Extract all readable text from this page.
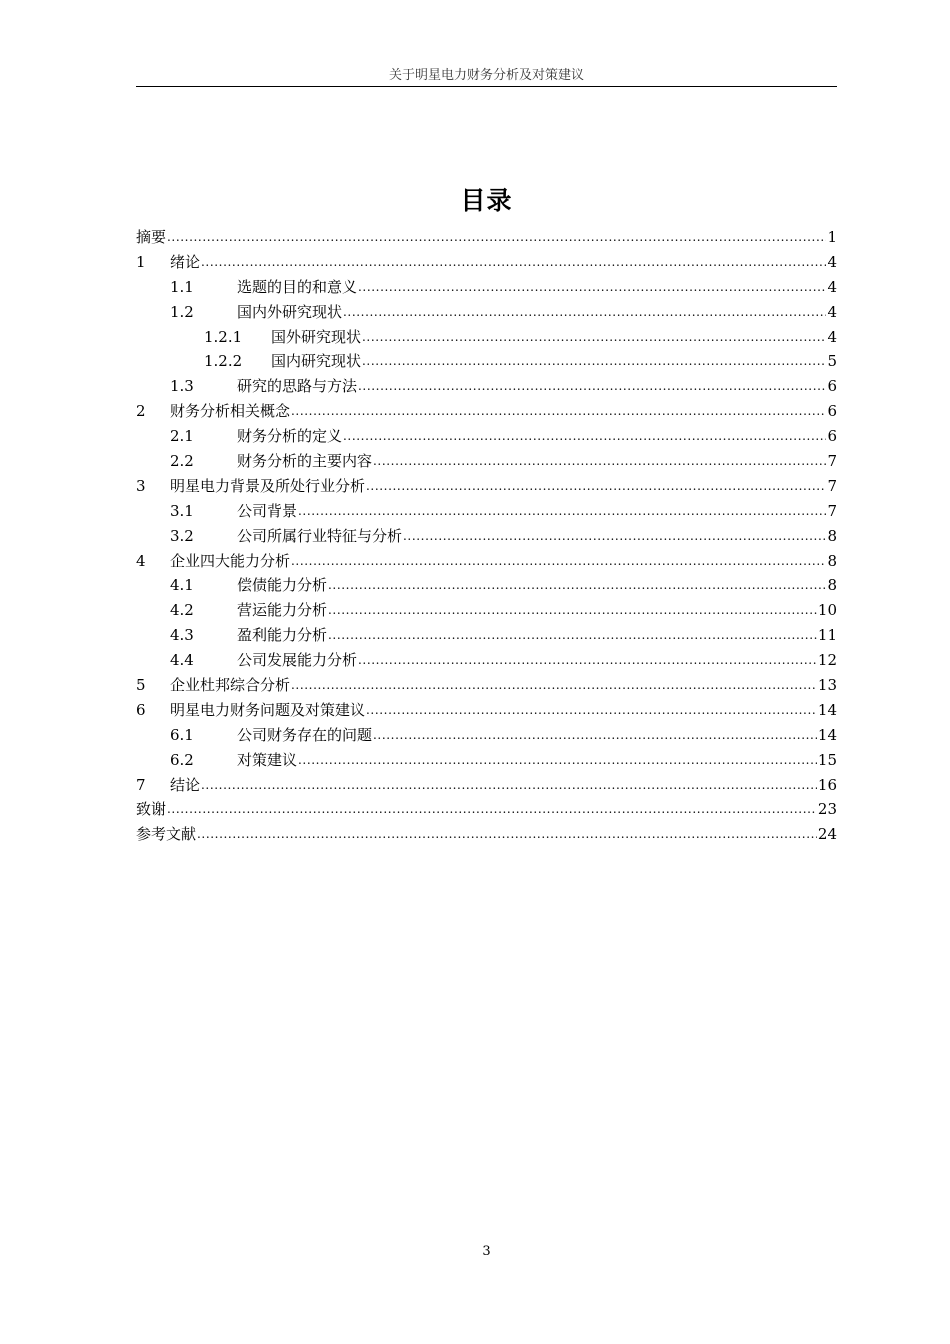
关于明星电力财务分析及对策建议
目录
摘要 .....	1
1	绪论 .....	4
1.1	选题的目的和意义 .....	4
1.2	国内外研究现状 .....	4
1.2.1	国外研究现状 .....	4
1.2.2	国内研究现状 .....	5
1.3	研究的思路与方法 .....	6
2	财务分析相关概念 .....	6
2.1	财务分析的定义 .....	6
2.2	财务分析的主要内容 .....	7
3	明星电力背景及所处行业分析 .....	7
3.1	公司背景 .....	7
3.2	公司所属行业特征与分析 .....	8
4	企业四大能力分析 .....	8
4.1	偿债能力分析 .....	8
4.2	营运能力分析 .....	10
4.3	盈利能力分析 .....	11
4.4	公司发展能力分析 .....	12
5	企业杜邦综合分析 .....	13
6	明星电力财务问题及对策建议 .....	14
6.1	公司财务存在的问题 .....	14
6.2	对策建议 .....	15
7	结论 .....	16
致谢 .....	23
参考文献 .....	24
3
